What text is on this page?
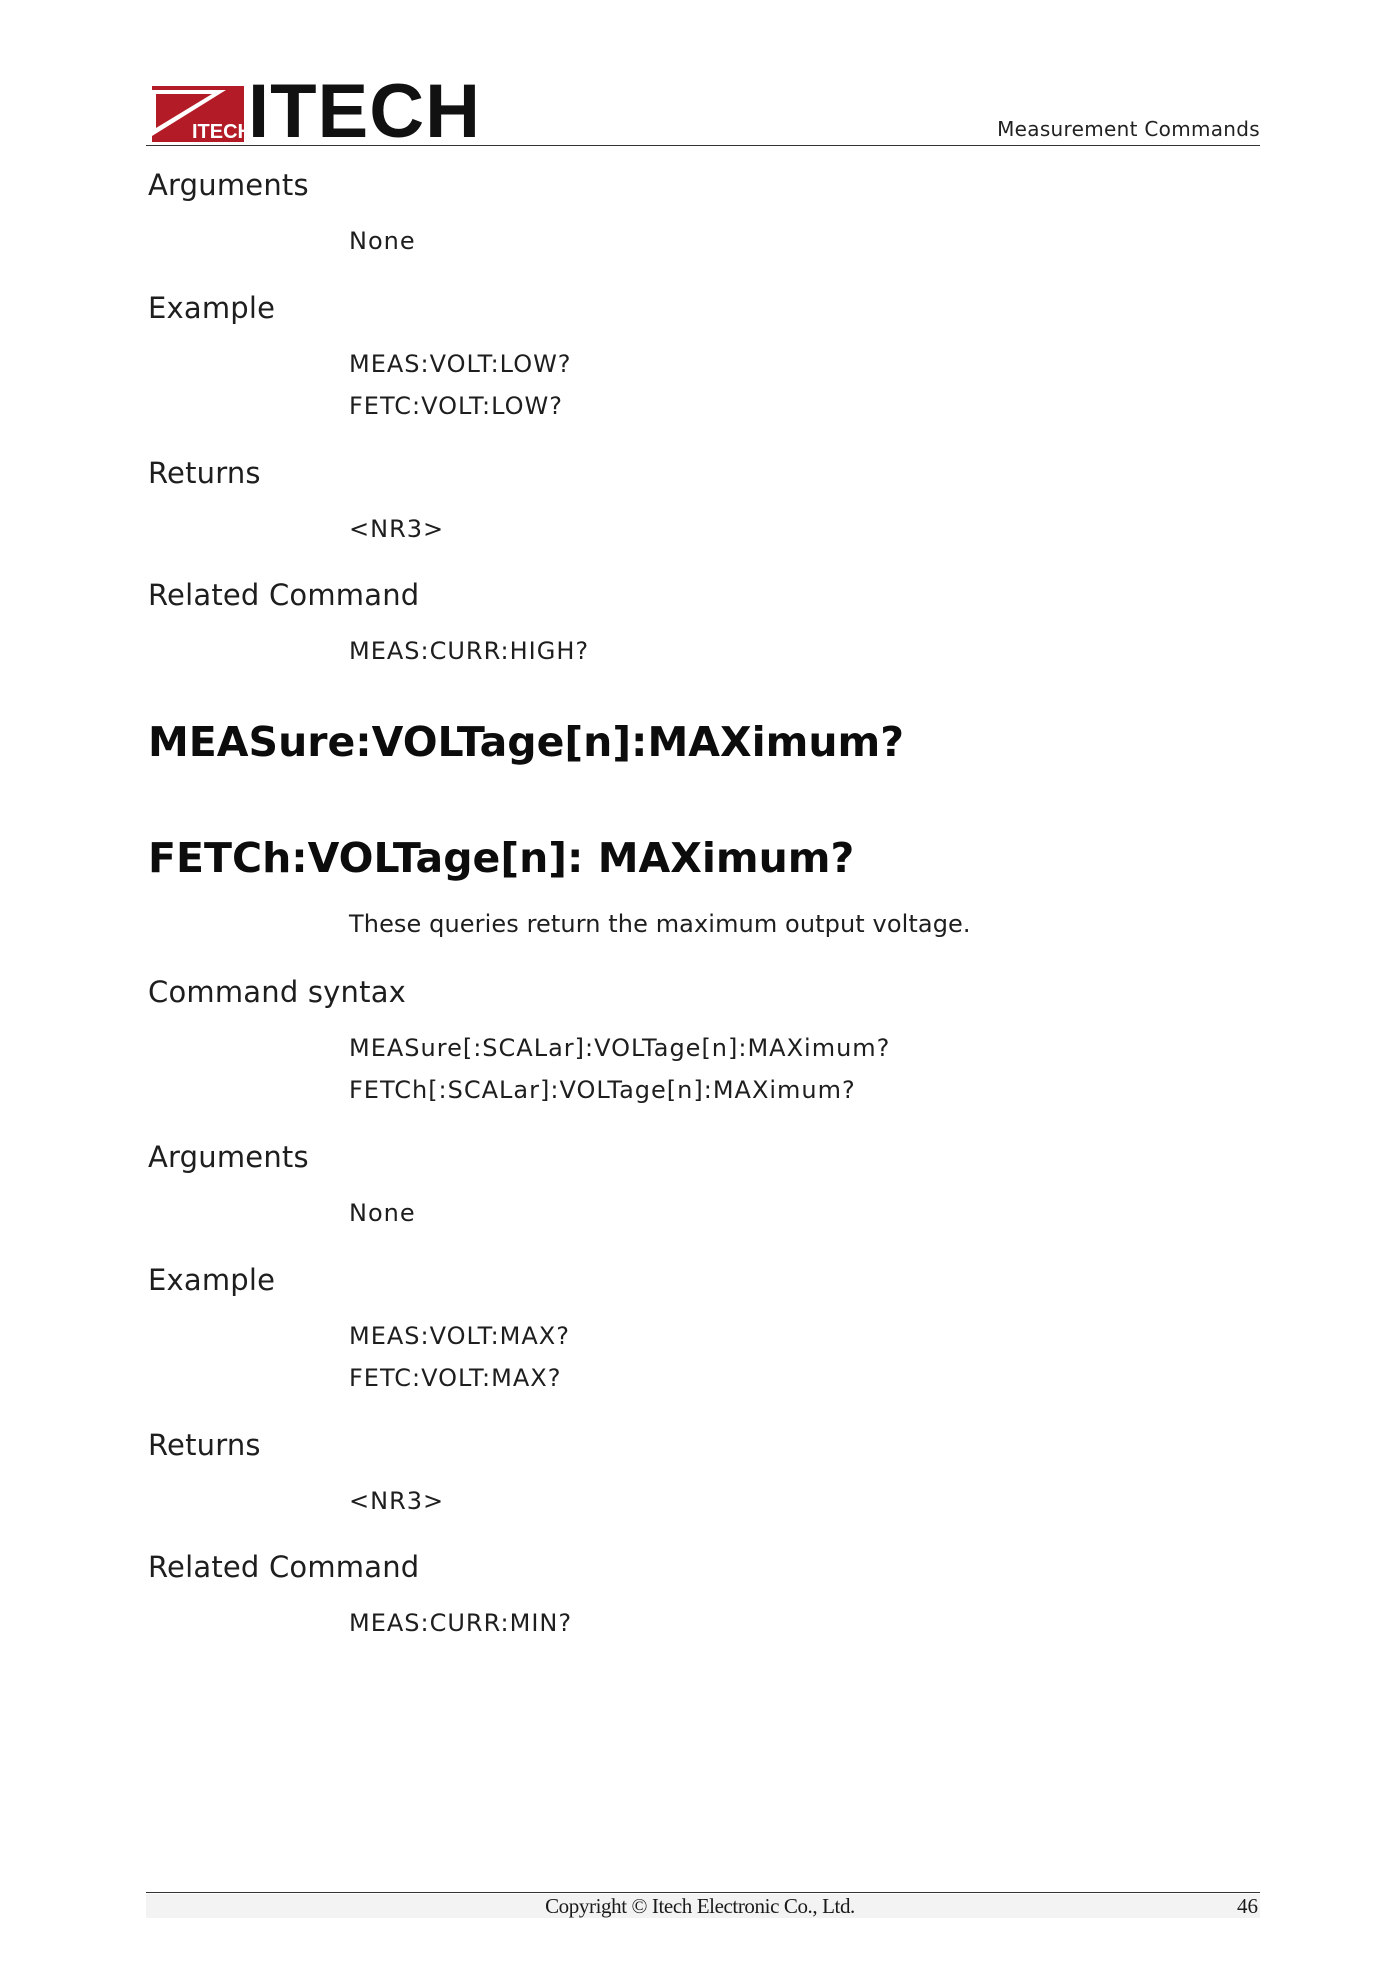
ITECH
ITECH	Measurement Commands
Arguments
None
Example
MEAS:VOLT:LOW?
FETC:VOLT:LOW?
Returns
<NR3>
Related Command
MEAS:CURR:HIGH?
MEASure:VOLTage[n]:MAXimum?
FETCh:VOLTage[n]: MAXimum?
These queries return the maximum output voltage.
Command syntax
MEASure[:SCALar]:VOLTage[n]:MAXimum?
FETCh[:SCALar]:VOLTage[n]:MAXimum?
Arguments
None
Example
MEAS:VOLT:MAX?
FETC:VOLT:MAX?
Returns
<NR3>
Related Command
MEAS:CURR:MIN?
Copyright © Itech Electronic Co., Ltd.	46
